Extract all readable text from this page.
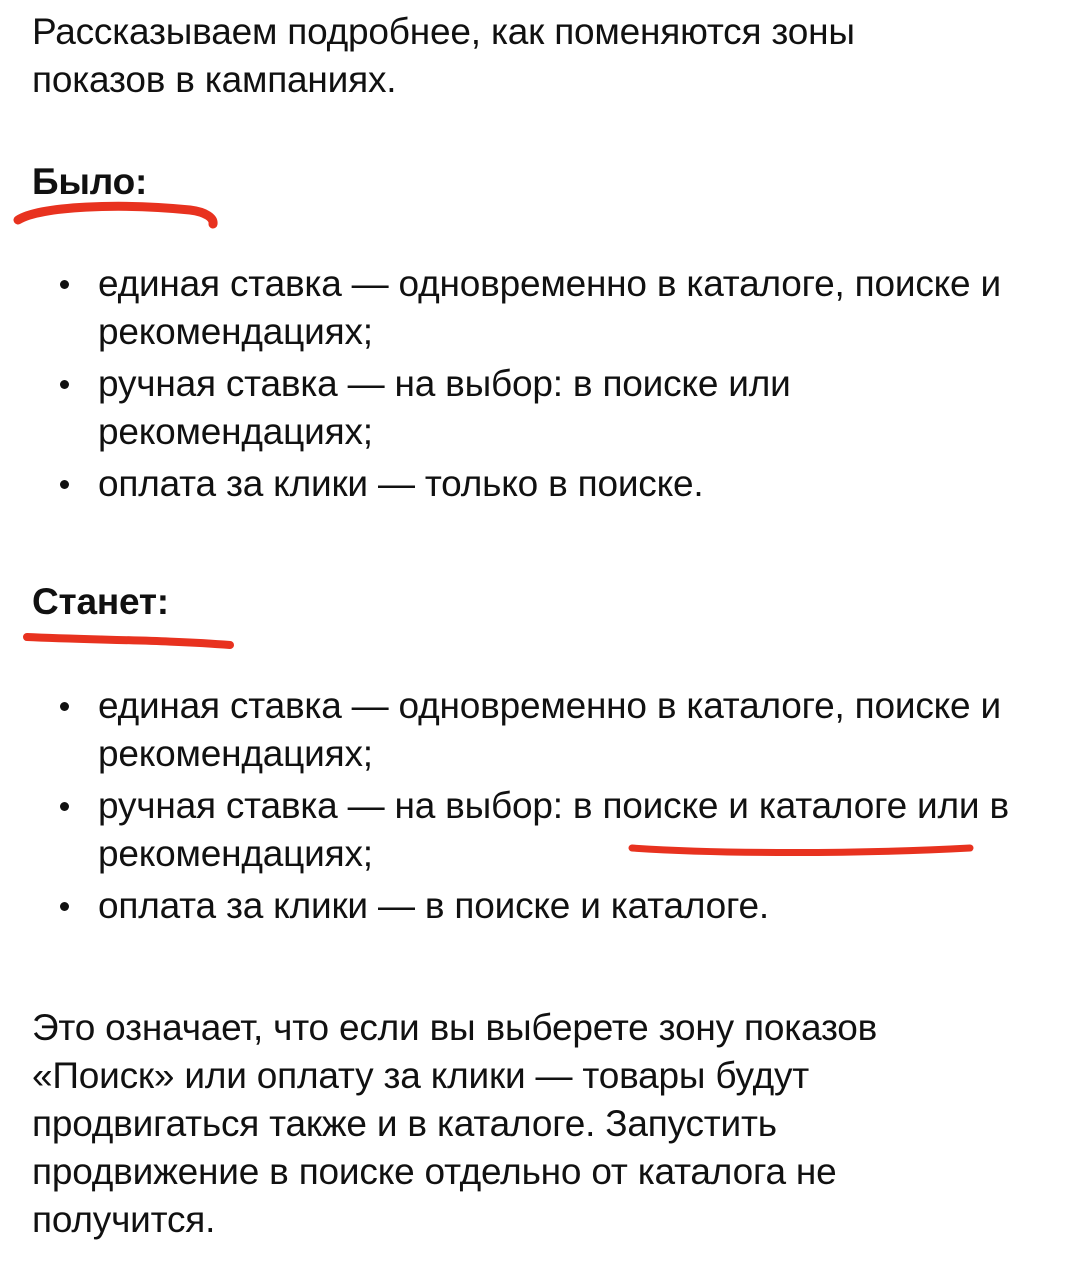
Рассказываем подробнее, как поменяются зоны показов в кампаниях.

Было:
единая ставка — одновременно в каталоге, поиске и рекомендациях;
ручная ставка — на выбор: в поиске или рекомендациях;
оплата за клики — только в поиске.
Станет:
единая ставка — одновременно в каталоге, поиске и рекомендациях;
ручная ставка — на выбор: в поиске и каталоге или в рекомендациях;
оплата за клики — в поиске и каталоге.

Это означает, что если вы выберете зону показов «Поиск» или оплату за клики — товары будут продвигаться также и в каталоге. Запустить продвижение в поиске отдельно от каталога не получится.
